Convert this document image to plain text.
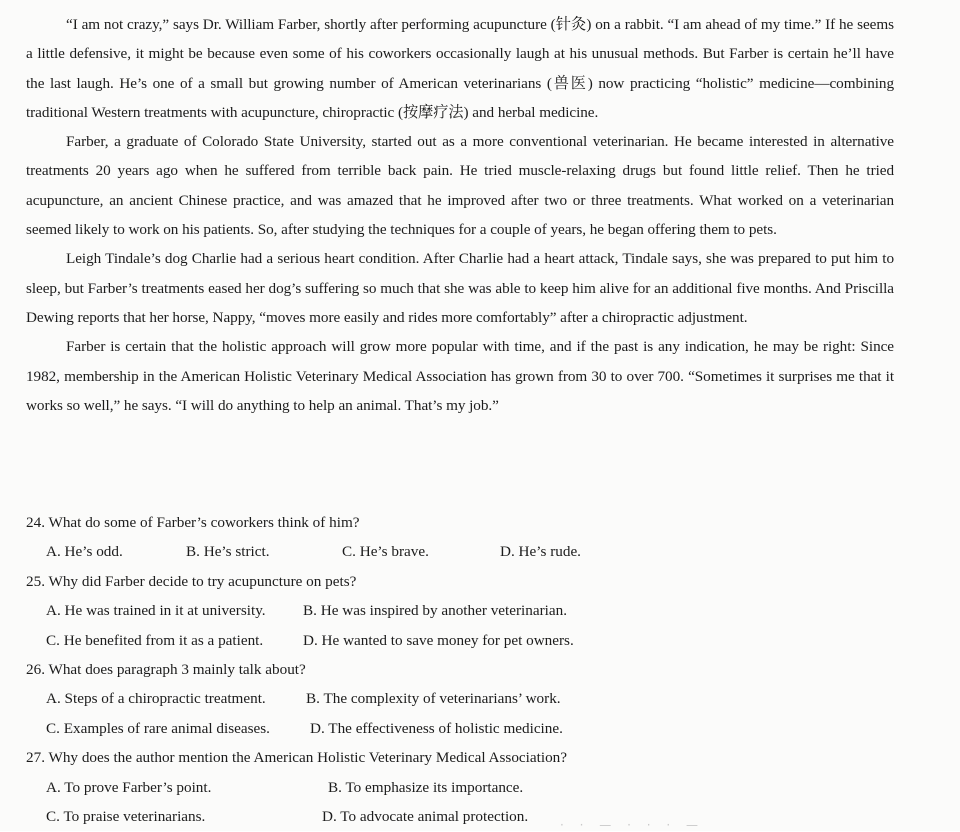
“I am not crazy,” says Dr. William Farber, shortly after performing acupuncture (针灸) on a rabbit. “I am ahead of my time.” If he seems a little defensive, it might be because even some of his coworkers occasionally laugh at his unusual methods. But Farber is certain he’ll have the last laugh. He’s one of a small but growing number of American veterinarians (兽医) now practicing “holistic” medicine—combining traditional Western treatments with acupuncture, chiropractic (按摩疗法) and herbal medicine.

Farber, a graduate of Colorado State University, started out as a more conventional veterinarian. He became interested in alternative treatments 20 years ago when he suffered from terrible back pain. He tried muscle-relaxing drugs but found little relief. Then he tried acupuncture, an ancient Chinese practice, and was amazed that he improved after two or three treatments. What worked on a veterinarian seemed likely to work on his patients. So, after studying the techniques for a couple of years, he began offering them to pets.

Leigh Tindale’s dog Charlie had a serious heart condition. After Charlie had a heart attack, Tindale says, she was prepared to put him to sleep, but Farber’s treatments eased her dog’s suffering so much that she was able to keep him alive for an additional five months. And Priscilla Dewing reports that her horse, Nappy, “moves more easily and rides more comfortably” after a chiropractic adjustment.

Farber is certain that the holistic approach will grow more popular with time, and if the past is any indication, he may be right: Since 1982, membership in the American Holistic Veterinary Medical Association has grown from 30 to over 700. “Sometimes it surprises me that it works so well,” he says. “I will do anything to help an animal. That’s my job.”

24. What do some of Farber’s coworkers think of him?

A. He’s odd.	B. He’s strict.	C. He’s brave.	D. He’s rude.

25. Why did Farber decide to try acupuncture on pets?

A. He was trained in it at university. B. He was inspired by another veterinarian.
C. He benefited from it as a patient.	D. He wanted to save money for pet owners.

26. What does paragraph 3 mainly talk about?

A. Steps of a chiropractic treatment.	B. The complexity of veterinarians’ work.
C. Examples of rare animal diseases.	D. The effectiveness of holistic medicine.

27. Why does the author mention the American Holistic Veterinary Medical Association?

A. To prove Farber’s point.	B. To emphasize its importance.
C. To praise veterinarians.	D. To advocate animal protection.
· · — · · · —
